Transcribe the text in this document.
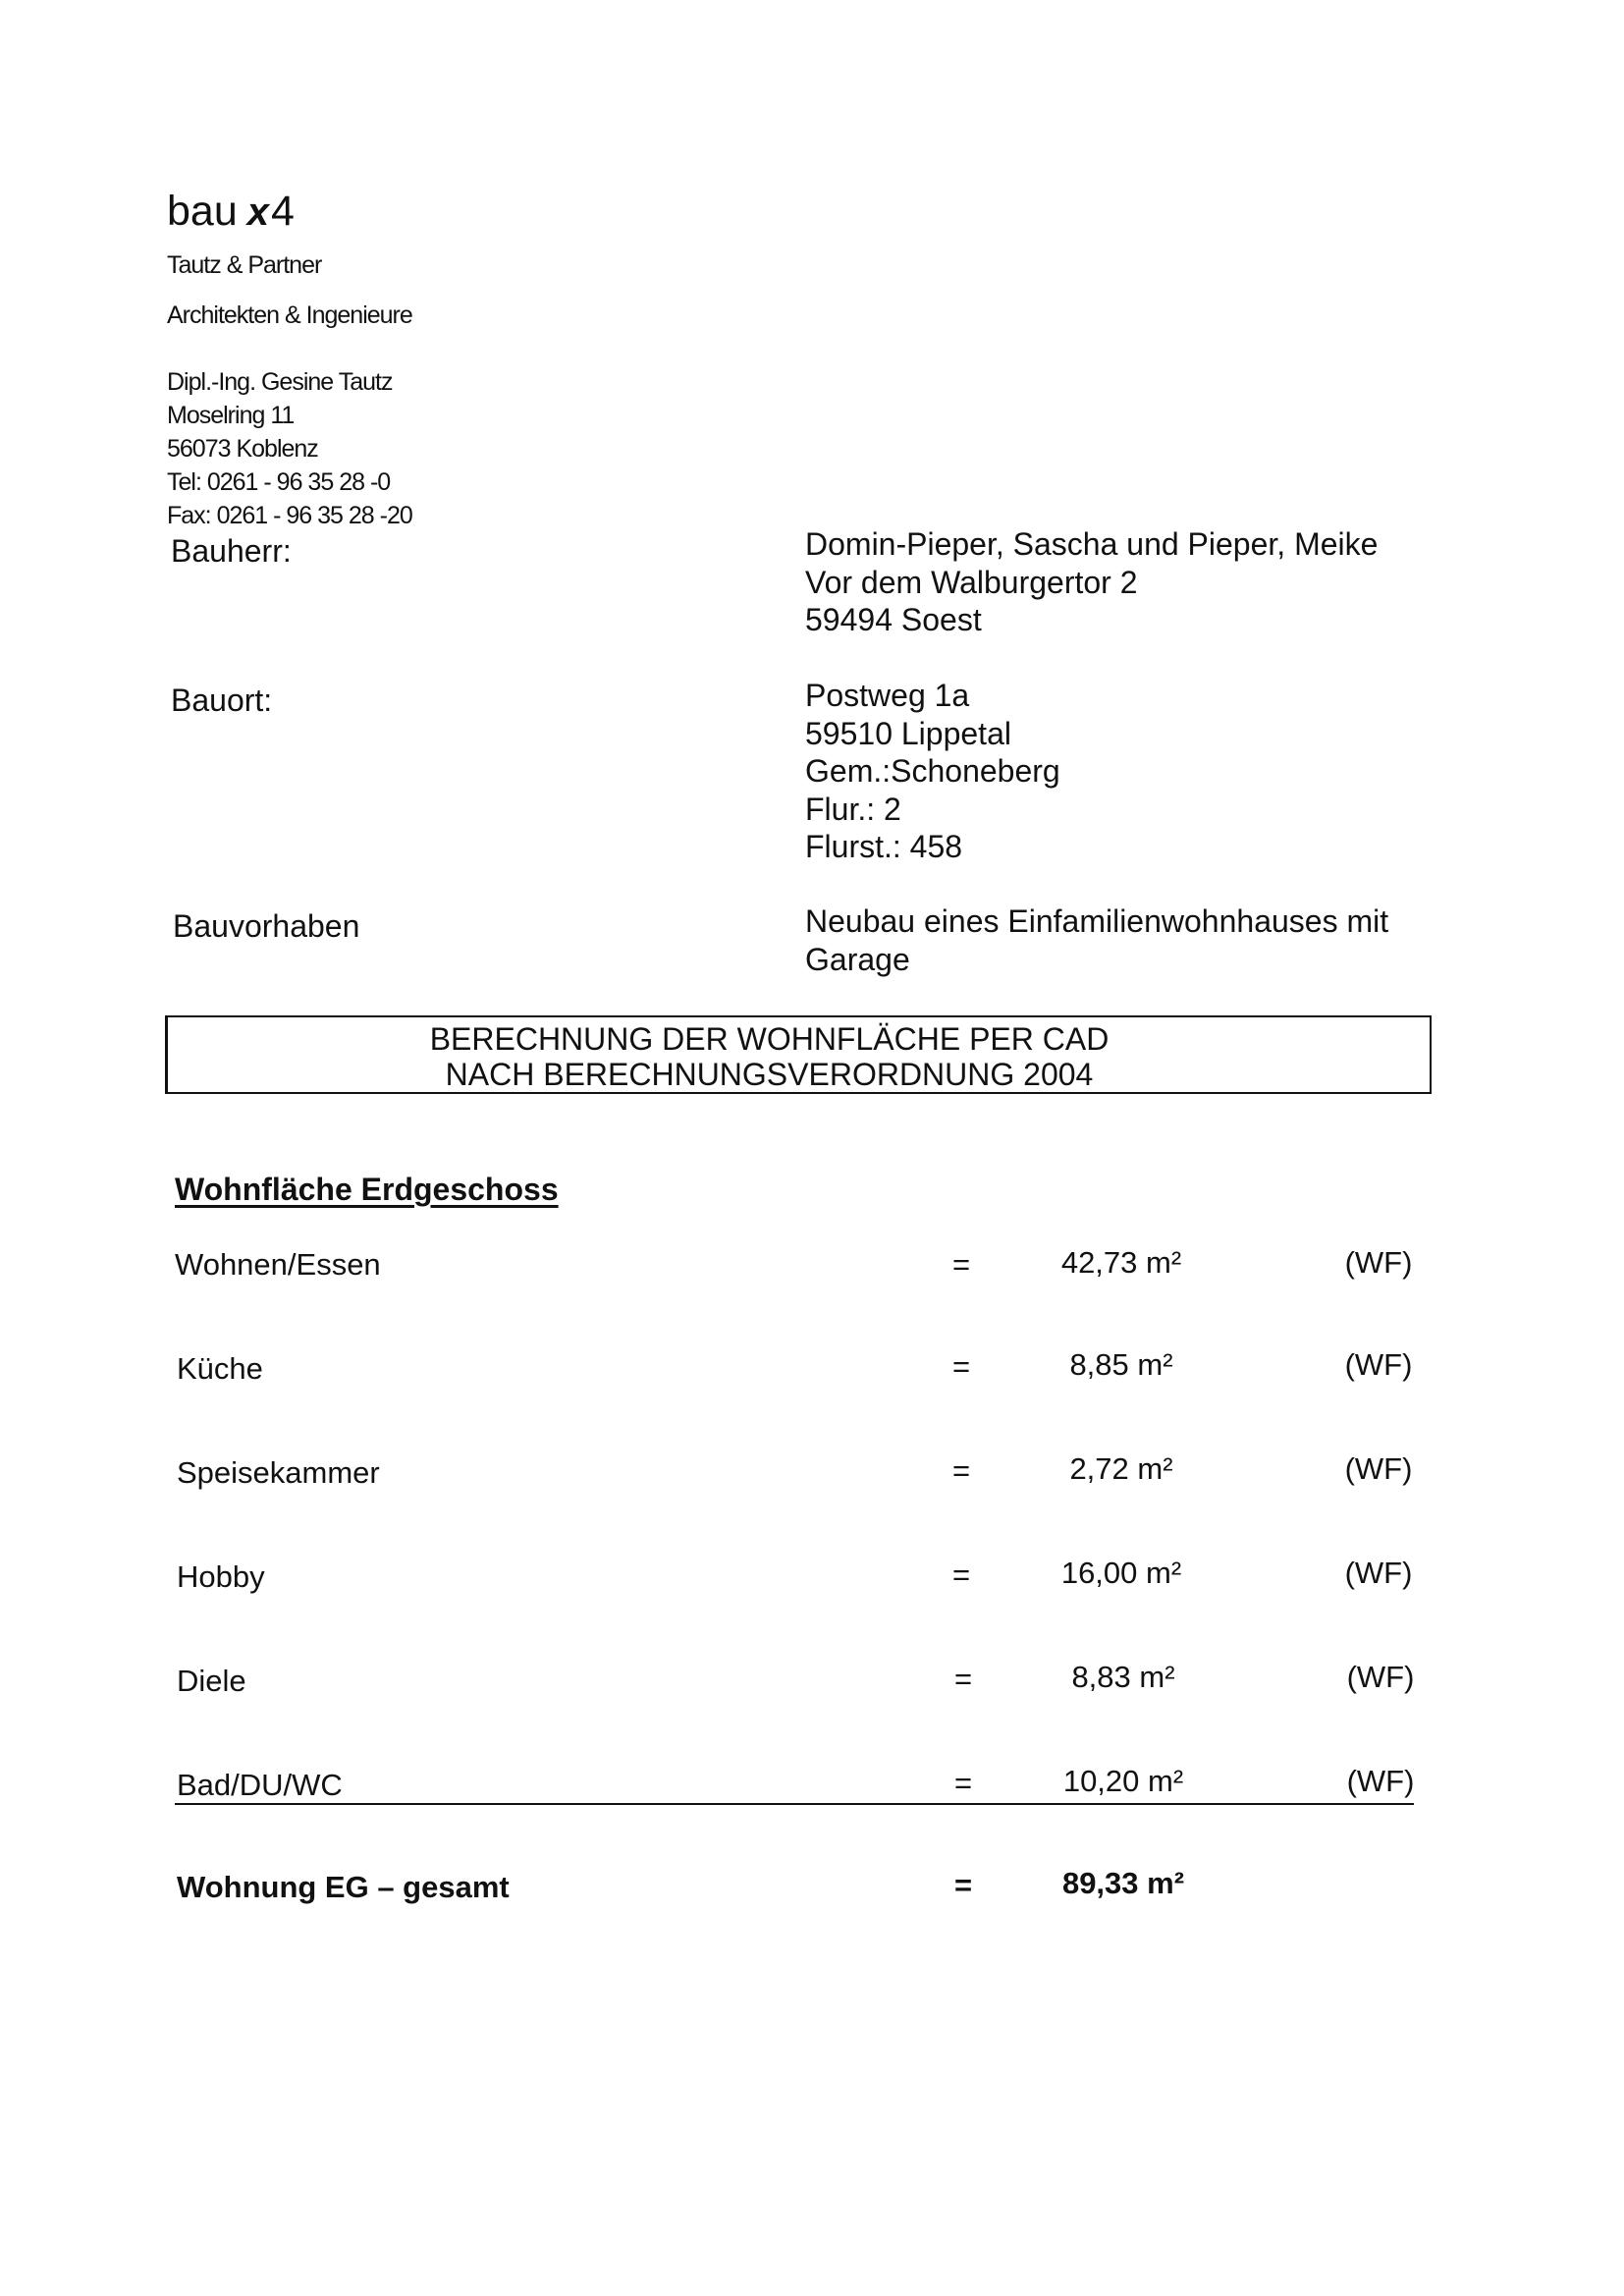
bau x4
Tautz & Partner
Architekten & Ingenieure
Dipl.-Ing. Gesine Tautz
Moselring 11
56073 Koblenz
Tel: 0261 - 96 35 28 -0
Fax: 0261 - 96 35 28 -20
Bauherr:	Domin-Pieper, Sascha und Pieper, Meike
Vor dem Walburgertor 2
59494 Soest
Bauort:	Postweg 1a
59510 Lippetal
Gem.:Schoneberg
Flur.: 2
Flurst.: 458
Bauvorhaben	Neubau eines Einfamilienwohnhauses mit
Garage
BERECHNUNG DER WOHNFLÄCHE PER CAD
NACH BERECHNUNGSVERORDNUNG 2004
Wohnfläche Erdgeschoss
Wohnen/Essen	=	42,73 m²	(WF)
Küche	=	8,85 m²	(WF)
Speisekammer	=	2,72 m²	(WF)
Hobby	=	16,00 m²	(WF)
Diele	=	8,83 m²	(WF)
Bad/DU/WC	=	10,20 m²	(WF)
Wohnung EG – gesamt	=	89,33 m²
